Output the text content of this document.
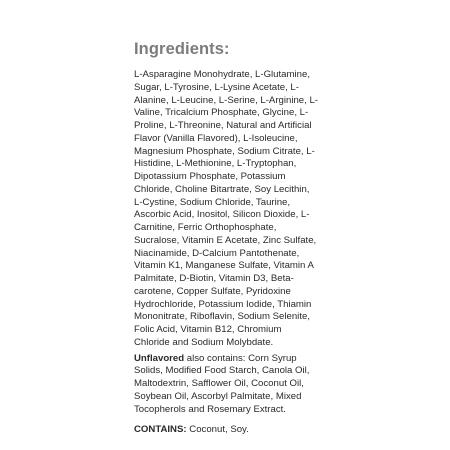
Ingredients:

L-Asparagine Monohydrate, L-Glutamine, Sugar, L-Tyrosine, L-Lysine Acetate, L-Alanine, L-Leucine, L-Serine, L-Arginine, L-Valine, Tricalcium Phosphate, Glycine, L-Proline, L-Threonine, Natural and Artificial Flavor (Vanilla Flavored), L-Isoleucine, Magnesium Phosphate, Sodium Citrate, L-Histidine, L-Methionine, L-Tryptophan, Dipotassium Phosphate, Potassium Chloride, Choline Bitartrate, Soy Lecithin, L-Cystine, Sodium Chloride, Taurine, Ascorbic Acid, Inositol, Silicon Dioxide, L-Carnitine, Ferric Orthophosphate, Sucralose, Vitamin E Acetate, Zinc Sulfate, Niacinamide, D-Calcium Pantothenate, Vitamin K1, Manganese Sulfate, Vitamin A Palmitate, D-Biotin, Vitamin D3, Beta-carotene, Copper Sulfate, Pyridoxine Hydrochloride, Potassium Iodide, Thiamin Mononitrate, Riboflavin, Sodium Selenite, Folic Acid, Vitamin B12, Chromium Chloride and Sodium Molybdate.

Unflavored also contains: Corn Syrup Solids, Modified Food Starch, Canola Oil, Maltodextrin, Safflower Oil, Coconut Oil, Soybean Oil, Ascorbyl Palmitate, Mixed Tocopherols and Rosemary Extract.

CONTAINS: Coconut, Soy.
